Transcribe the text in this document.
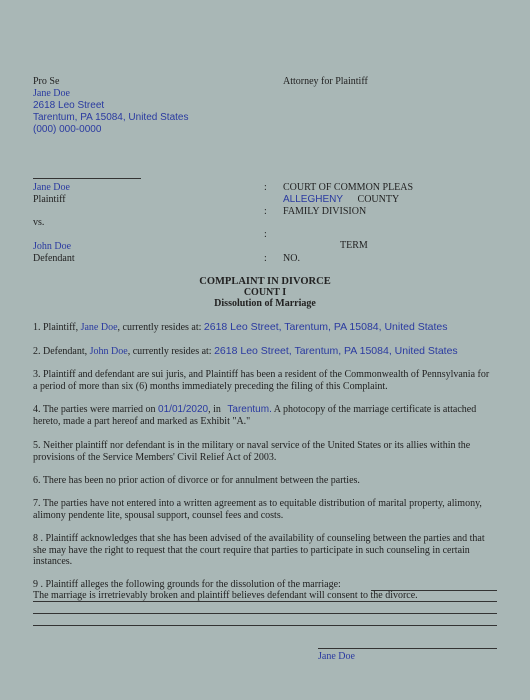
Pro Se
Jane Doe
2618 Leo Street
Tarentum, PA 15084, United States
(000) 000-0000
Attorney for Plaintiff
Jane Doe
Plaintiff
vs.
John Doe
Defendant
:
:
:
:
COURT OF COMMON PLEAS
ALLEGHENY COUNTY
FAMILY DIVISION
TERM
NO.
COMPLAINT IN DIVORCE
COUNT I
Dissolution of Marriage
1. Plaintiff, Jane Doe, currently resides at: 2618 Leo Street, Tarentum, PA 15084, United States
2. Defendant, John Doe, currently resides at: 2618 Leo Street, Tarentum, PA 15084, United States
3. Plaintiff and defendant are sui juris, and Plaintiff has been a resident of the Commonwealth of Pennsylvania for a period of more than six (6) months immediately preceding the filing of this Complaint.
4. The parties were married on 01/01/2020, in Tarentum. A photocopy of the marriage certificate is attached hereto, made a part hereof and marked as Exhibit "A."
5. Neither plaintiff nor defendant is in the military or naval service of the United States or its allies within the provisions of the Service Members' Civil Relief Act of 2003.
6. There has been no prior action of divorce or for annulment between the parties.
7. The parties have not entered into a written agreement as to equitable distribution of marital property, alimony, alimony pendente lite, spousal support, counsel fees and costs.
8 . Plaintiff acknowledges that she has been advised of the availability of counseling between the parties and that she may have the right to request that the court require that parties to participate in such counseling in certain instances.
9 . Plaintiff alleges the following grounds for the dissolution of the marriage:
The marriage is irretrievably broken and plaintiff believes defendant will consent to the divorce.
Jane Doe
